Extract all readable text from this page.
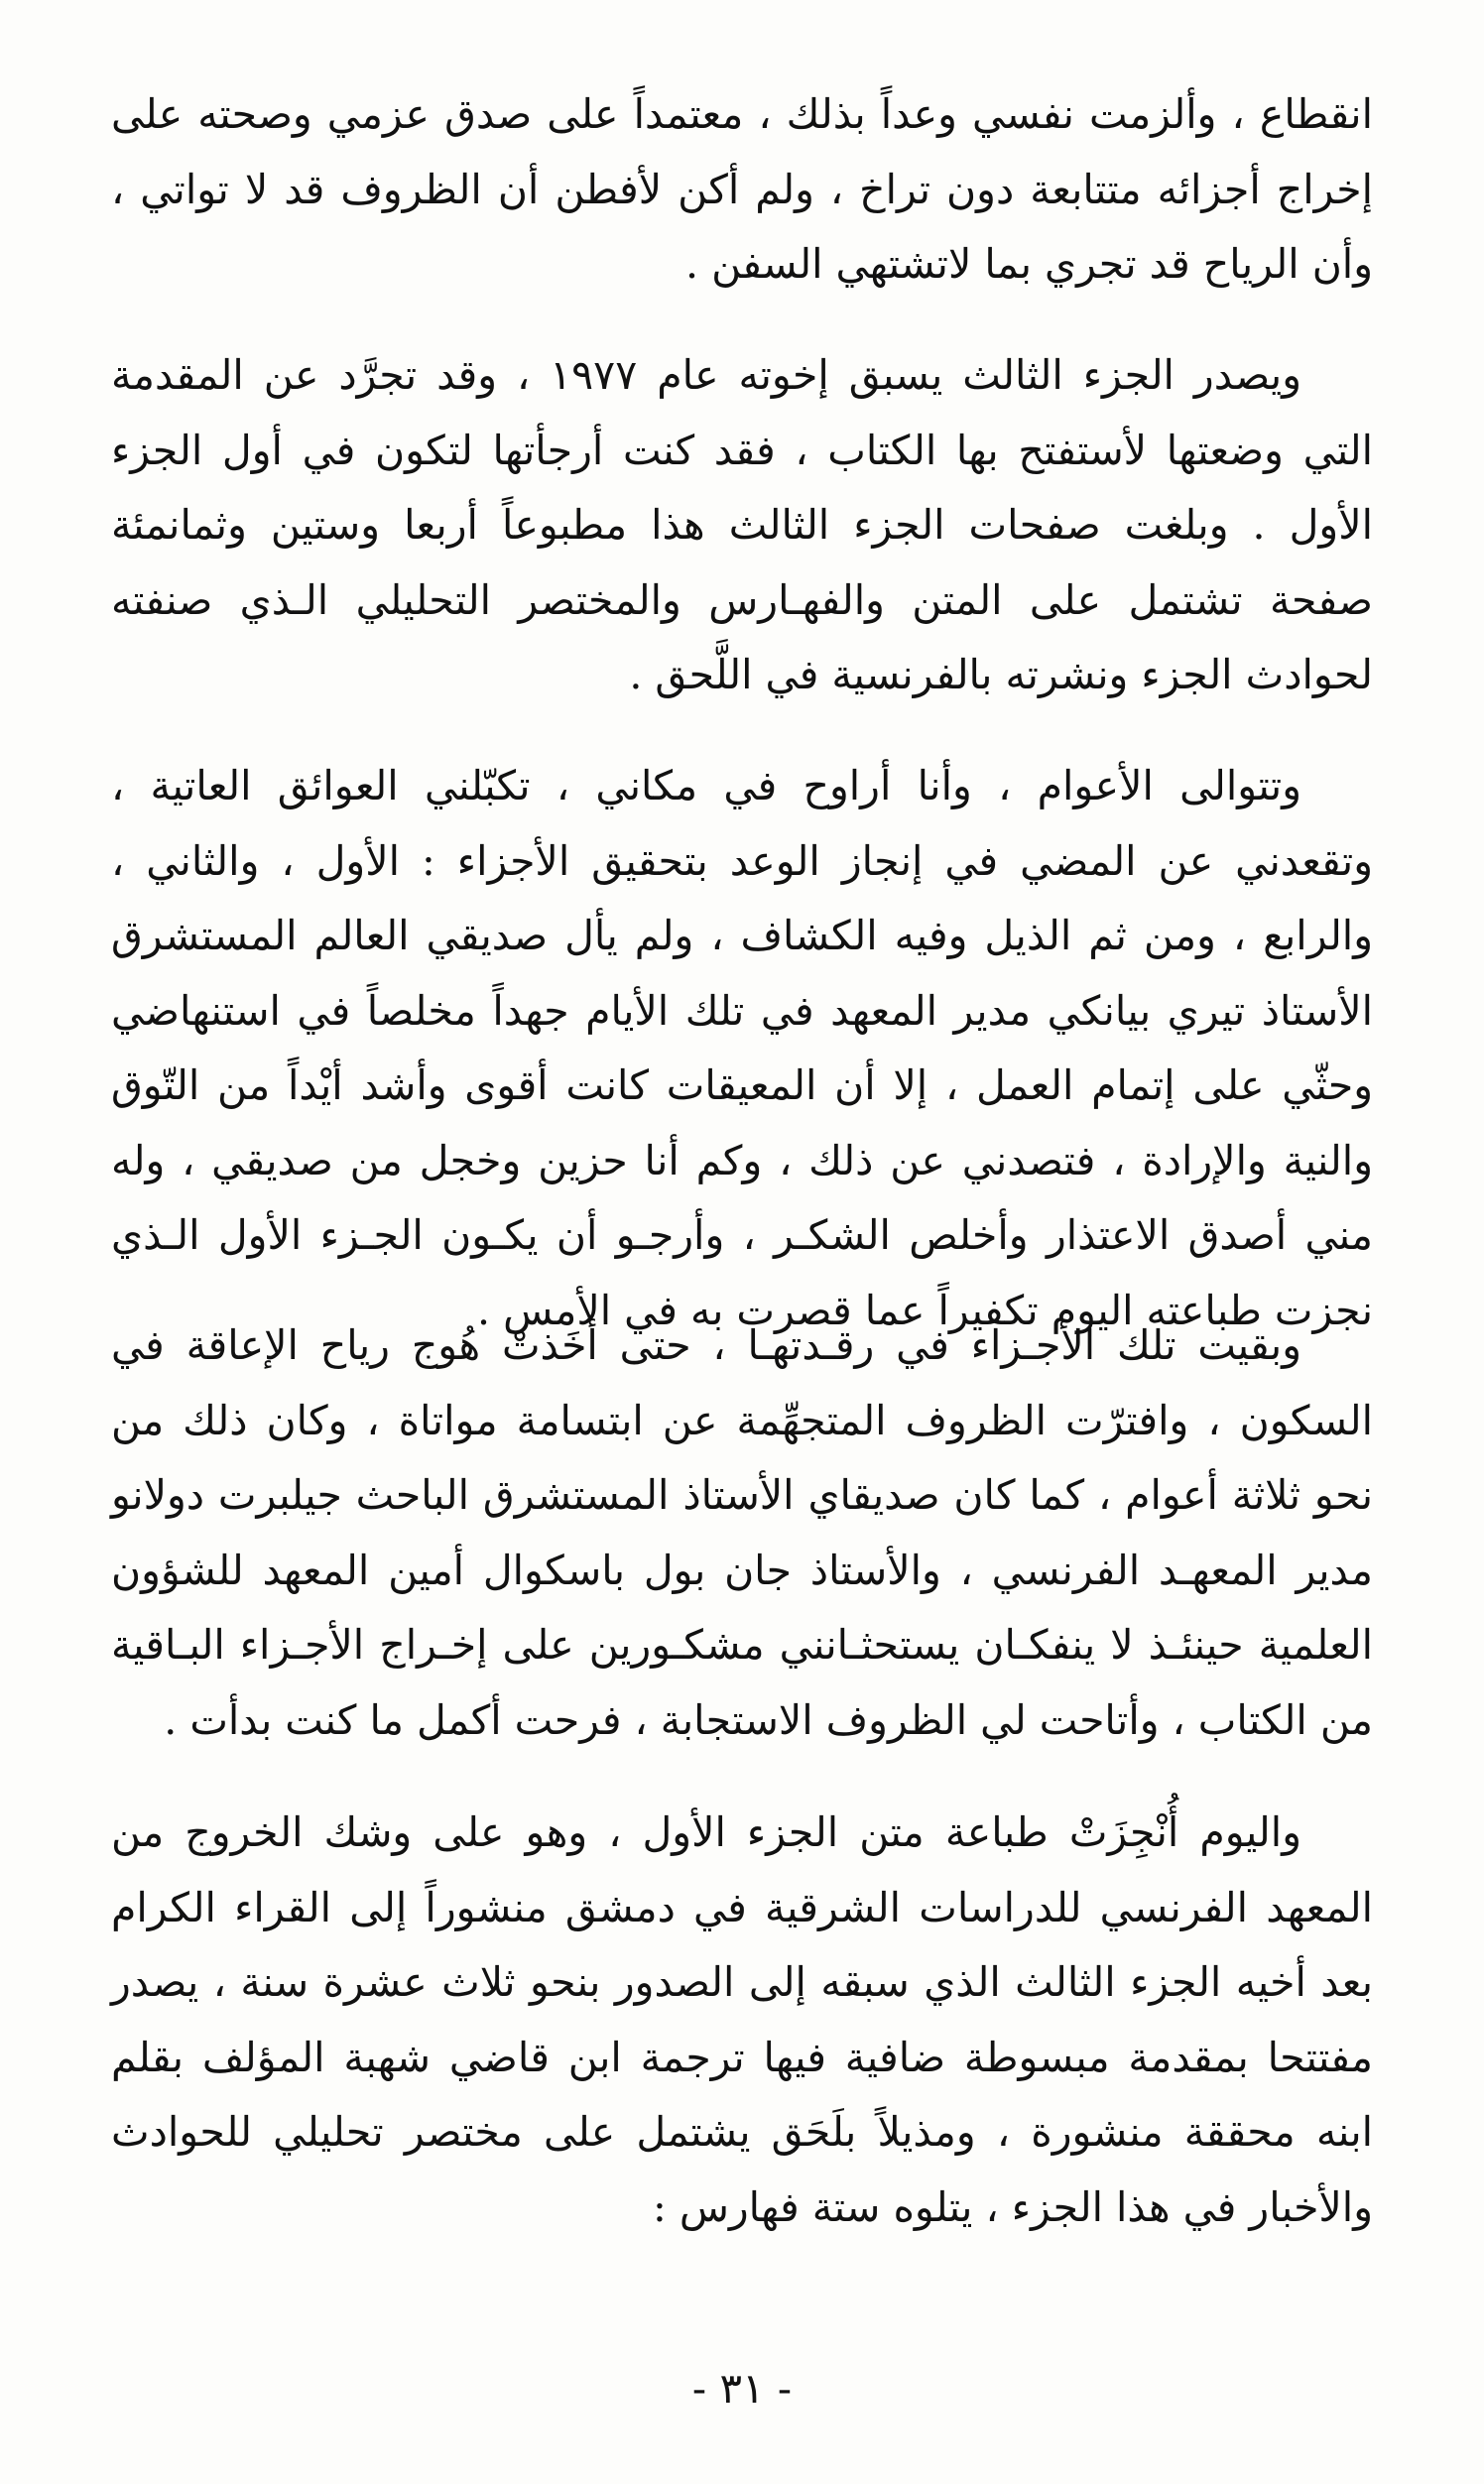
انقطاع ، وألزمت نفسي وعداً بذلك ، معتمداً على صدق عزمي وصحته على إخراج أجزائه متتابعة دون تراخ ، ولم أكن لأفطن أن الظروف قد لا تواتي ، وأن الرياح قد تجري بما لاتشتهي السفن .

ويصدر الجزء الثالث يسبق إخوته عام ١٩٧٧ ، وقد تجرَّد عن المقدمة التي وضعتها لأستفتح بها الكتاب ، فقد كنت أرجأتها لتكون في أول الجزء الأول . وبلغت صفحات الجزء الثالث هذا مطبوعاً أربعا وستين وثمانمئة صفحة تشتمل على المتن والفهـارس والمختصر التحليلي الـذي صنفته لحوادث الجزء ونشرته بالفرنسية في اللَّحق .

وتتوالى الأعوام ، وأنا أراوح في مكاني ، تكبّلني العوائق العاتية ، وتقعدني عن المضي في إنجاز الوعد بتحقيق الأجزاء : الأول ، والثاني ، والرابع ، ومن ثم الذيل وفيه الكشاف ، ولم يأل صديقي العالم المستشرق الأستاذ تيري بيانكي مدير المعهد في تلك الأيام جهداً مخلصاً في استنهاضي وحثّي على إتمام العمل ، إلا أن المعيقات كانت أقوى وأشد أيْداً من التّوق والنية والإرادة ، فتصدني عن ذلك ، وكم أنا حزين وخجل من صديقي ، وله مني أصدق الاعتذار وأخلص الشكـر ، وأرجـو أن يكـون الجـزء الأول الـذي نجزت طباعته اليوم تكفيراً عما قصرت به في الأمس .

وبقيت تلك الأجـزاء في رقـدتهـا ، حتى أخَذتْ هُوج رياح الإعاقة في السكون ، وافترّت الظروف المتجهِّمة عن ابتسامة مواتاة ، وكان ذلك من نحو ثلاثة أعوام ، كما كان صديقاي الأستاذ المستشرق الباحث جيلبرت دولانو مدير المعهـد الفرنسي ، والأستاذ جان بول باسكوال أمين المعهد للشؤون العلمية حينئـذ لا ينفكـان يستحثـانني مشكـورين على إخـراج الأجـزاء البـاقية من الكتاب ، وأتاحت لي الظروف الاستجابة ، فرحت أكمل ما كنت بدأت .

واليوم أُنْجِزَتْ طباعة متن الجزء الأول ، وهو على وشك الخروج من المعهد الفرنسي للدراسات الشرقية في دمشق منشوراً إلى القراء الكرام بعد أخيه الجزء الثالث الذي سبقه إلى الصدور بنحو ثلاث عشرة سنة ، يصدر مفتتحا بمقدمة مبسوطة ضافية فيها ترجمة ابن قاضي شهبة المؤلف بقلم ابنه محققة منشورة ، ومذيلاً بلَحَق يشتمل على مختصر تحليلي للحوادث والأخبار في هذا الجزء ، يتلوه ستة فهارس :

- ٣١ -
